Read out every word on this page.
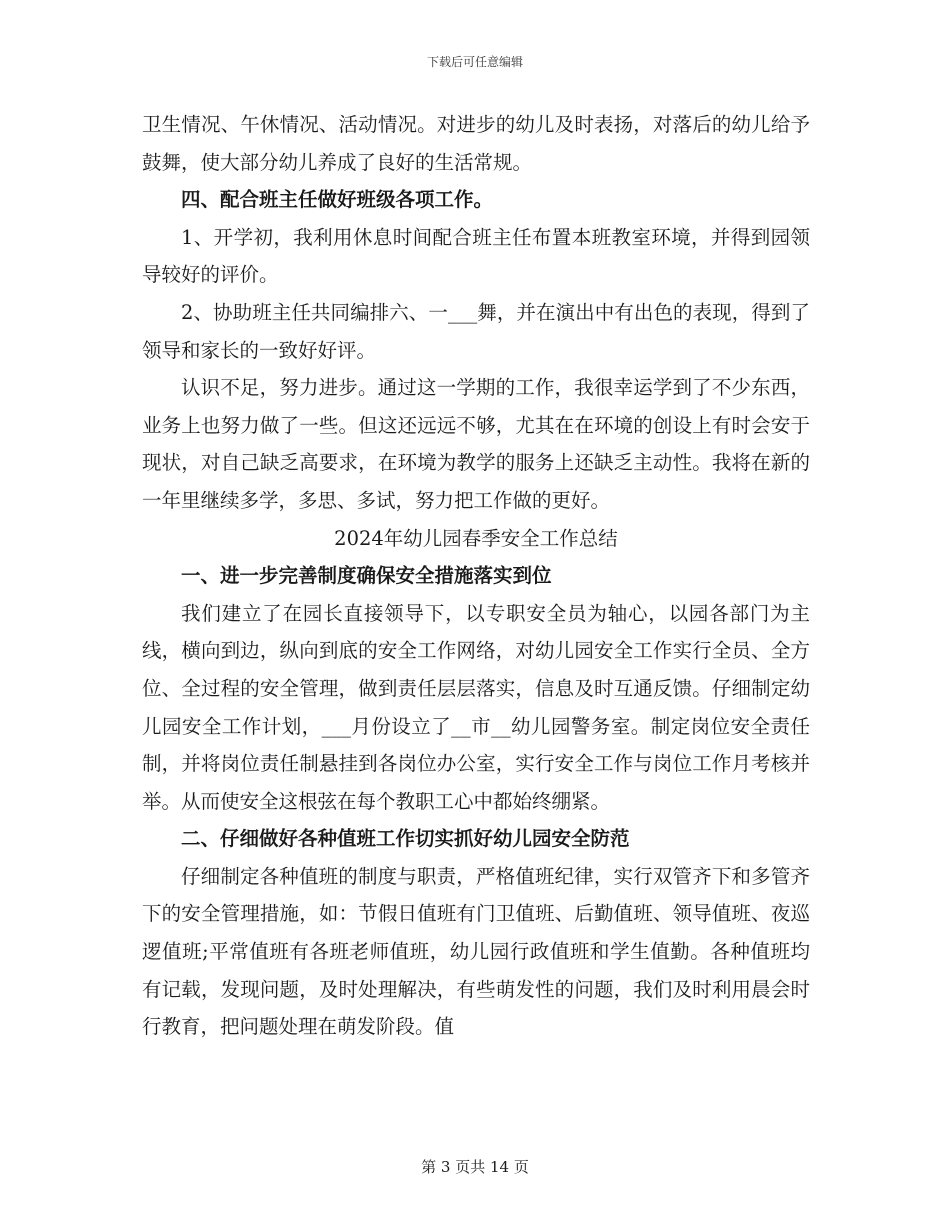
下载后可任意编辑

卫生情况、午休情况、活动情况。对进步的幼儿及时表扬，对落后的幼儿给予鼓舞，使大部分幼儿养成了良好的生活常规。

四、配合班主任做好班级各项工作。

1、开学初，我利用休息时间配合班主任布置本班教室环境，并得到园领导较好的评价。

2、协助班主任共同编排六、一___舞，并在演出中有出色的表现，得到了领导和家长的一致好好评。

认识不足，努力进步。通过这一学期的工作，我很幸运学到了不少东西，业务上也努力做了一些。但这还远远不够，尤其在在环境的创设上有时会安于现状，对自己缺乏高要求，在环境为教学的服务上还缺乏主动性。我将在新的一年里继续多学，多思、多试，努力把工作做的更好。

2024年幼儿园春季安全工作总结

一、进一步完善制度确保安全措施落实到位

我们建立了在园长直接领导下，以专职安全员为轴心，以园各部门为主线，横向到边，纵向到底的安全工作网络，对幼儿园安全工作实行全员、全方位、全过程的安全管理，做到责任层层落实，信息及时互通反馈。仔细制定幼儿园安全工作计划，___月份设立了__市__幼儿园警务室。制定岗位安全责任制，并将岗位责任制悬挂到各岗位办公室，实行安全工作与岗位工作月考核并举。从而使安全这根弦在每个教职工心中都始终绷紧。

二、仔细做好各种值班工作切实抓好幼儿园安全防范

仔细制定各种值班的制度与职责，严格值班纪律，实行双管齐下和多管齐下的安全管理措施，如：节假日值班有门卫值班、后勤值班、领导值班、夜巡逻值班;平常值班有各班老师值班，幼儿园行政值班和学生值勤。各种值班均有记载，发现问题，及时处理解决，有些萌发性的问题，我们及时利用晨会时行教育，把问题处理在萌发阶段。值

第 3 页共 14 页
